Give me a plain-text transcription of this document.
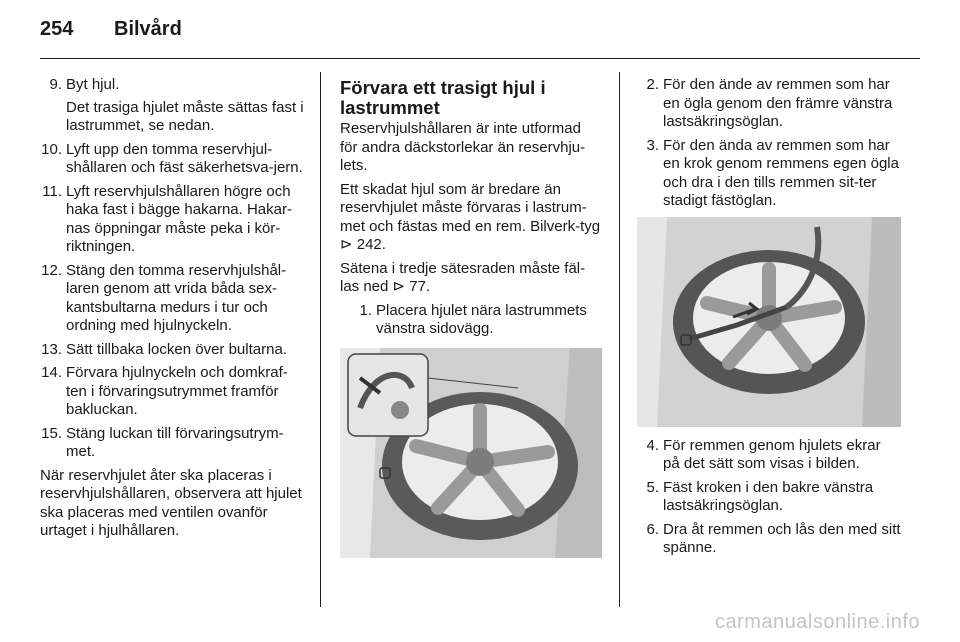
254 Bilvård
9. Byt hjul.
Det trasiga hjulet måste sättas fast i lastrummet, se nedan.
10. Lyft upp den tomma reservhjul-shållaren och fäst säkerhetsva-jern.
11. Lyft reservhjulshållaren högre och haka fast i bägge hakarna. Hakar-nas öppningar måste peka i kör-riktningen.
12. Stäng den tomma reservhjulshål-laren genom att vrida båda sex-kantsbultarna medurs i tur och ordning med hjulnyckeln.
13. Sätt tillbaka locken över bultarna.
14. Förvara hjulnyckeln och domkraf-ten i förvaringsutrymmet framför bakluckan.
15. Stäng luckan till förvaringsutrym-met.

När reservhjulet åter ska placeras i reservhjulshållaren, observera att hjulet ska placeras med ventilen ovanför urtaget i hjulhållaren.

Förvara ett trasigt hjul i lastrummet

Reservhjulshållaren är inte utformad för andra däckstorlekar än reservhju-lets.

Ett skadat hjul som är bredare än reservhjulet måste förvaras i lastrum-met och fästas med en rem. Bilverk-tyg ⊳ 242.

Sätena i tredje sätesraden måste fäl-las ned ⊳ 77.

1. Placera hjulet nära lastrummets vänstra sidovägg.
2. För den ände av remmen som har en ögla genom den främre vänstra lastsäkringsöglan.
3. För den ända av remmen som har en krok genom remmens egen ögla och dra i den tills remmen sit-ter stadigt fästöglan.
4. För remmen genom hjulets ekrar på det sätt som visas i bilden.
5. Fäst kroken i den bakre vänstra lastsäkringsöglan.
6. Dra åt remmen och lås den med sitt spänne.
carmanualsonline.info
